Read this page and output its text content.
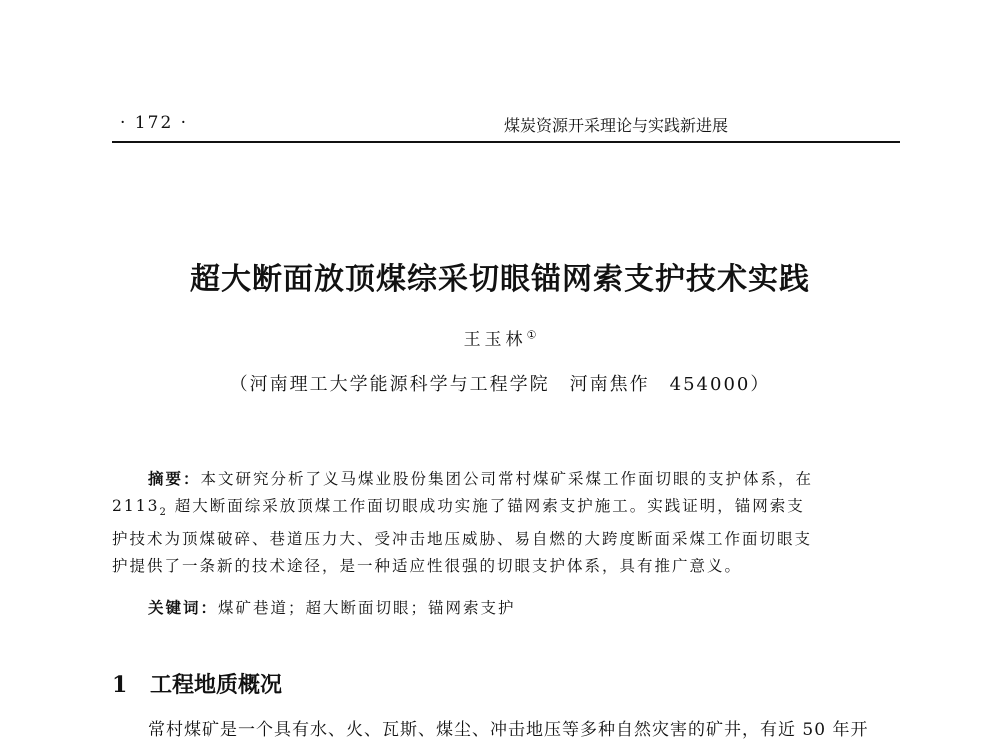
· 172 ·	煤炭资源开采理论与实践新进展
超大断面放顶煤综采切眼锚网索支护技术实践
王玉林①
（河南理工大学能源科学与工程学院　河南焦作　454000）
摘要：本文研究分析了义马煤业股份集团公司常村煤矿采煤工作面切眼的支护体系，在
$2113_2$ 超大断面综采放顶煤工作面切眼成功实施了锚网索支护施工。实践证明，锚网索支
护技术为顶煤破碎、巷道压力大、受冲击地压威胁、易自燃的大跨度断面采煤工作面切眼支
护提供了一条新的技术途径，是一种适应性很强的切眼支护体系，具有推广意义。
关键词：煤矿巷道；超大断面切眼；锚网索支护
1 工程地质概况
常村煤矿是一个具有水、火、瓦斯、煤尘、冲击地压等多种自然灾害的矿井，有近 50 年开
